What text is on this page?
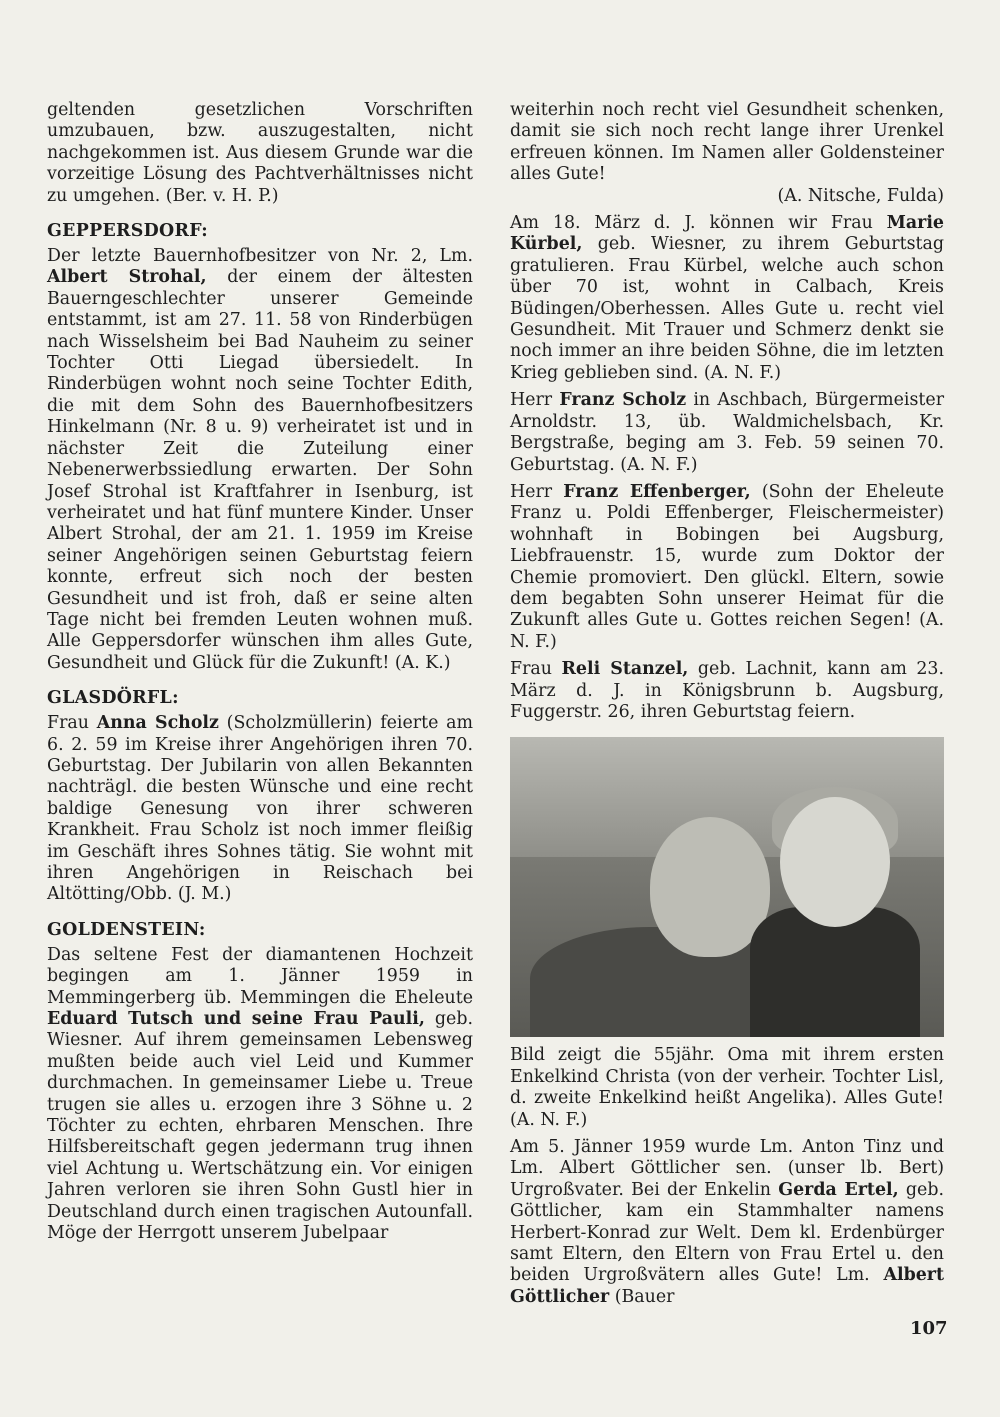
geltenden gesetzlichen Vorschriften umzubauen, bzw. auszugestalten, nicht nachgekommen ist. Aus diesem Grunde war die vorzeitige Lösung des Pachtverhältnisses nicht zu umgehen. (Ber. v. H. P.)

GEPPERSDORF:

Der letzte Bauernhofbesitzer von Nr. 2, Lm. Albert Strohal, der einem der ältesten Bauerngeschlechter unserer Gemeinde entstammt, ist am 27. 11. 58 von Rinderbügen nach Wisselsheim bei Bad Nauheim zu seiner Tochter Otti Liegad übersiedelt. In Rinderbügen wohnt noch seine Tochter Edith, die mit dem Sohn des Bauernhofbesitzers Hinkelmann (Nr. 8 u. 9) verheiratet ist und in nächster Zeit die Zuteilung einer Nebenerwerbssiedlung erwarten. Der Sohn Josef Strohal ist Kraftfahrer in Isenburg, ist verheiratet und hat fünf muntere Kinder. Unser Albert Strohal, der am 21. 1. 1959 im Kreise seiner Angehörigen seinen Geburtstag feiern konnte, erfreut sich noch der besten Gesundheit und ist froh, daß er seine alten Tage nicht bei fremden Leuten wohnen muß. Alle Geppersdorfer wünschen ihm alles Gute, Gesundheit und Glück für die Zukunft! (A. K.)

GLASDÖRFL:

Frau Anna Scholz (Scholzmüllerin) feierte am 6. 2. 59 im Kreise ihrer Angehörigen ihren 70. Geburtstag. Der Jubilarin von allen Bekannten nachträgl. die besten Wünsche und eine recht baldige Genesung von ihrer schweren Krankheit. Frau Scholz ist noch immer fleißig im Geschäft ihres Sohnes tätig. Sie wohnt mit ihren Angehörigen in Reischach bei Altötting/Obb. (J. M.)

GOLDENSTEIN:

Das seltene Fest der diamantenen Hochzeit begingen am 1. Jänner 1959 in Memmingerberg üb. Memmingen die Eheleute Eduard Tutsch und seine Frau Pauli, geb. Wiesner. Auf ihrem gemeinsamen Lebensweg mußten beide auch viel Leid und Kummer durchmachen. In gemeinsamer Liebe u. Treue trugen sie alles u. erzogen ihre 3 Söhne u. 2 Töchter zu echten, ehrbaren Menschen. Ihre Hilfsbereitschaft gegen jedermann trug ihnen viel Achtung u. Wertschätzung ein. Vor einigen Jahren verloren sie ihren Sohn Gustl hier in Deutschland durch einen tragischen Autounfall. Möge der Herrgott unserem Jubelpaar

weiterhin noch recht viel Gesundheit schenken, damit sie sich noch recht lange ihrer Urenkel erfreuen können. Im Namen aller Goldensteiner alles Gute!

(A. Nitsche, Fulda)

Am 18. März d. J. können wir Frau Marie Kürbel, geb. Wiesner, zu ihrem Geburtstag gratulieren. Frau Kürbel, welche auch schon über 70 ist, wohnt in Calbach, Kreis Büdingen/Oberhessen. Alles Gute u. recht viel Gesundheit. Mit Trauer und Schmerz denkt sie noch immer an ihre beiden Söhne, die im letzten Krieg geblieben sind. (A. N. F.)

Herr Franz Scholz in Aschbach, Bürgermeister Arnoldstr. 13, üb. Waldmichelsbach, Kr. Bergstraße, beging am 3. Feb. 59 seinen 70. Geburtstag. (A. N. F.)

Herr Franz Effenberger, (Sohn der Eheleute Franz u. Poldi Effenberger, Fleischermeister) wohnhaft in Bobingen bei Augsburg, Liebfrauenstr. 15, wurde zum Doktor der Chemie promoviert. Den glückl. Eltern, sowie dem begabten Sohn unserer Heimat für die Zukunft alles Gute u. Gottes reichen Segen! (A. N. F.)

Frau Reli Stanzel, geb. Lachnit, kann am 23. März d. J. in Königsbrunn b. Augsburg, Fuggerstr. 26, ihren Geburtstag feiern.

Bild zeigt die 55jähr. Oma mit ihrem ersten Enkelkind Christa (von der verheir. Tochter Lisl, d. zweite Enkelkind heißt Angelika). Alles Gute! (A. N. F.)

Am 5. Jänner 1959 wurde Lm. Anton Tinz und Lm. Albert Göttlicher sen. (unser lb. Bert) Urgroßvater. Bei der Enkelin Gerda Ertel, geb. Göttlicher, kam ein Stammhalter namens Herbert-Konrad zur Welt. Dem kl. Erdenbürger samt Eltern, den Eltern von Frau Ertel u. den beiden Urgroßvätern alles Gute! Lm. Albert Göttlicher (Bauer

107
